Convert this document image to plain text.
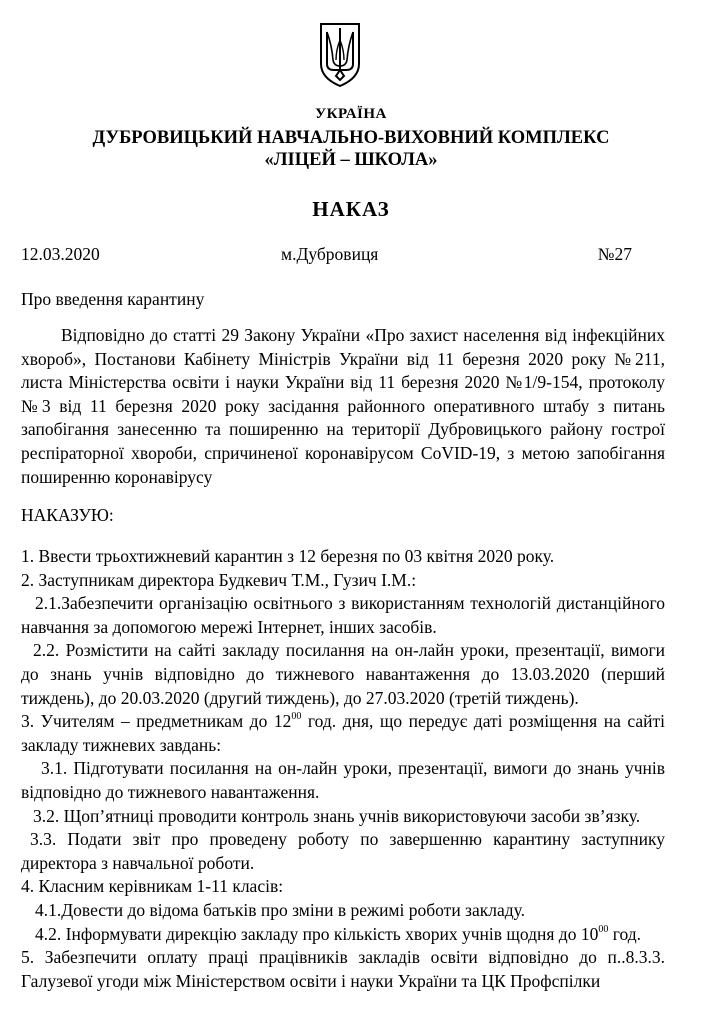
УКРАЇНА
ДУБРОВИЦЬКИЙ НАВЧАЛЬНО-ВИХОВНИЙ КОМПЛЕКС
«ЛІЦЕЙ – ШКОЛА»
НАКАЗ
12.03.2020	м.Дубровиця	№27
Про введення карантину
Відповідно до статті 29 Закону України «Про захист населення від інфекційних хвороб», Постанови Кабінету Міністрів України від 11 березня 2020 року №211, листа Міністерства освіти і науки України від 11 березня 2020 №1/9-154, протоколу №3 від 11 березня 2020 року засідання районного оперативного штабу з питань запобігання занесенню та поширенню на території Дубровицького району гострої респіраторної хвороби, спричиненої коронавірусом CoVID-19, з метою запобігання поширенню коронавірусу
НАКАЗУЮ:

1. Ввести трьохтижневий карантин з 12 березня по 03 квітня 2020 року.

2. Заступникам директора Будкевич Т.М., Гузич І.М.:

2.1.Забезпечити організацію освітнього з використанням технологій дистанційного навчання за допомогою мережі Інтернет, інших засобів.

2.2. Розмістити на сайті закладу посилання на он-лайн уроки, презентації, вимоги до знань учнів відповідно до тижневого навантаження до 13.03.2020 (перший тиждень), до 20.03.2020 (другий тиждень), до 27.03.2020 (третій тиждень).

3. Учителям – предметникам до $12^{00}$ год. дня, що передує даті розміщення на сайті закладу тижневих завдань:

3.1. Підготувати посилання на он-лайн уроки, презентації, вимоги до знань учнів відповідно до тижневого навантаження.

3.2. Щоп’ятниці проводити контроль знань учнів використовуючи засоби зв’язку.

3.3. Подати звіт про проведену роботу по завершенню карантину заступнику директора з навчальної роботи.

4. Класним керівникам 1-11 класів:

4.1.Довести до відома батьків про зміни в режимі роботи закладу.

4.2. Інформувати дирекцію закладу про кількість хворих учнів щодня до $10^{00}$ год.

5. Забезпечити оплату праці працівників закладів освіти відповідно до п..8.3.3. Галузевої угоди між Міністерством освіти і науки України та ЦК Профспілки
